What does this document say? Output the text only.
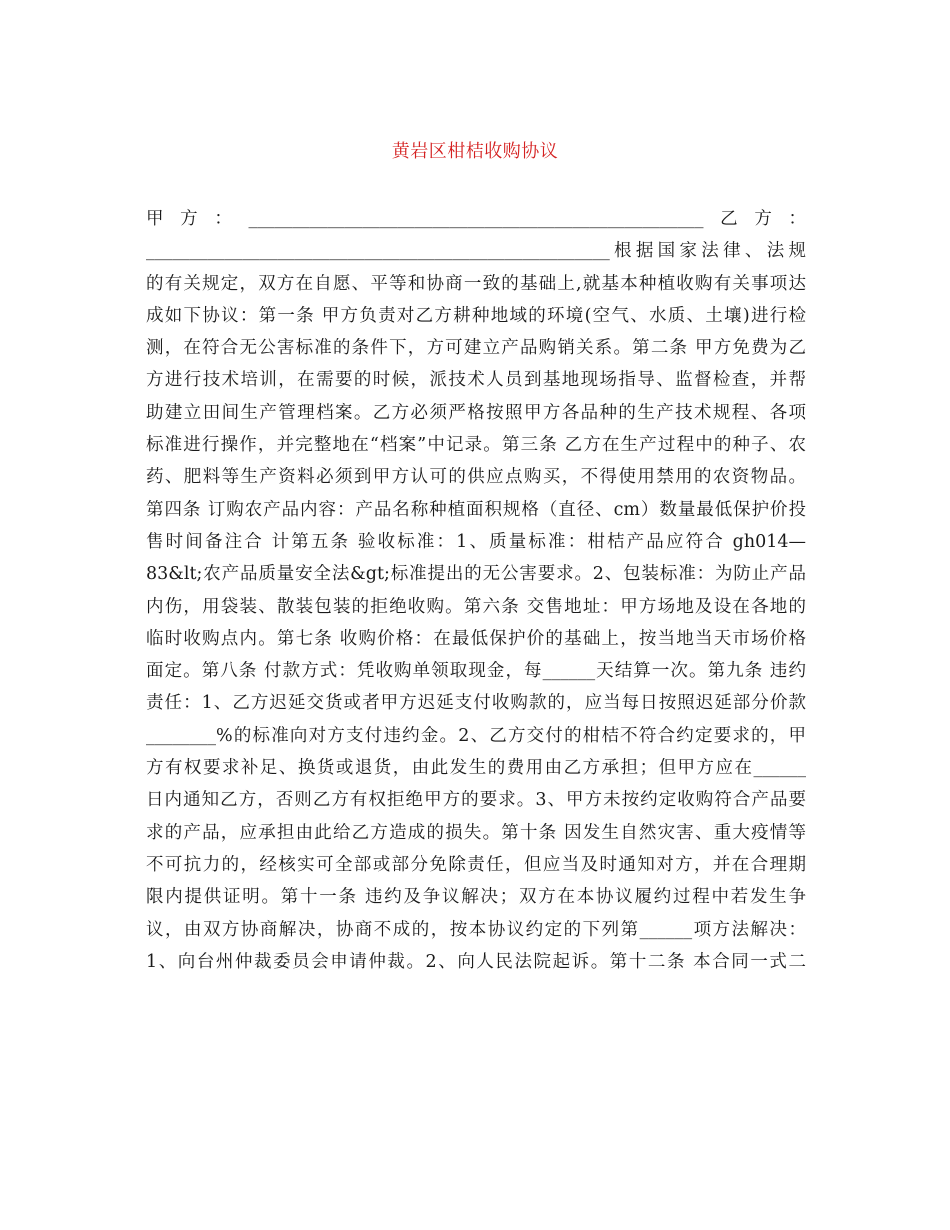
黄岩区柑桔收购协议
甲方：____________________________________________________乙方：
_____________________________________________________根据国家法律、法规
的有关规定，双方在自愿、平等和协商一致的基础上,就基本种植收购有关事项达
成如下协议：第一条 甲方负责对乙方耕种地域的环境(空气、水质、土壤)进行检
测，在符合无公害标准的条件下，方可建立产品购销关系。第二条 甲方免费为乙
方进行技术培训，在需要的时候，派技术人员到基地现场指导、监督检查，并帮
助建立田间生产管理档案。乙方必须严格按照甲方各品种的生产技术规程、各项
标准进行操作，并完整地在“档案”中记录。第三条 乙方在生产过程中的种子、农
药、肥料等生产资料必须到甲方认可的供应点购买，不得使用禁用的农资物品。
第四条 订购农产品内容：产品名称种植面积规格（直径、cm）数量最低保护价投
售时间备注合 计第五条 验收标准：1、质量标准：柑桔产品应符合 gh014—
83&lt;农产品质量安全法&gt;标准提出的无公害要求。2、包装标准：为防止产品
内伤，用袋装、散装包装的拒绝收购。第六条 交售地址：甲方场地及设在各地的
临时收购点内。第七条 收购价格：在最低保护价的基础上，按当地当天市场价格
面定。第八条 付款方式：凭收购单领取现金，每______天结算一次。第九条 违约
责任：1、乙方迟延交货或者甲方迟延支付收购款的，应当每日按照迟延部分价款
________%的标准向对方支付违约金。2、乙方交付的柑桔不符合约定要求的，甲
方有权要求补足、换货或退货，由此发生的费用由乙方承担；但甲方应在______
日内通知乙方，否则乙方有权拒绝甲方的要求。3、甲方未按约定收购符合产品要
求的产品，应承担由此给乙方造成的损失。第十条 因发生自然灾害、重大疫情等
不可抗力的，经核实可全部或部分免除责任，但应当及时通知对方，并在合理期
限内提供证明。第十一条 违约及争议解决；双方在本协议履约过程中若发生争
议，由双方协商解决，协商不成的，按本协议约定的下列第______项方法解决：
1、向台州仲裁委员会申请仲裁。2、向人民法院起诉。第十二条 本合同一式二
